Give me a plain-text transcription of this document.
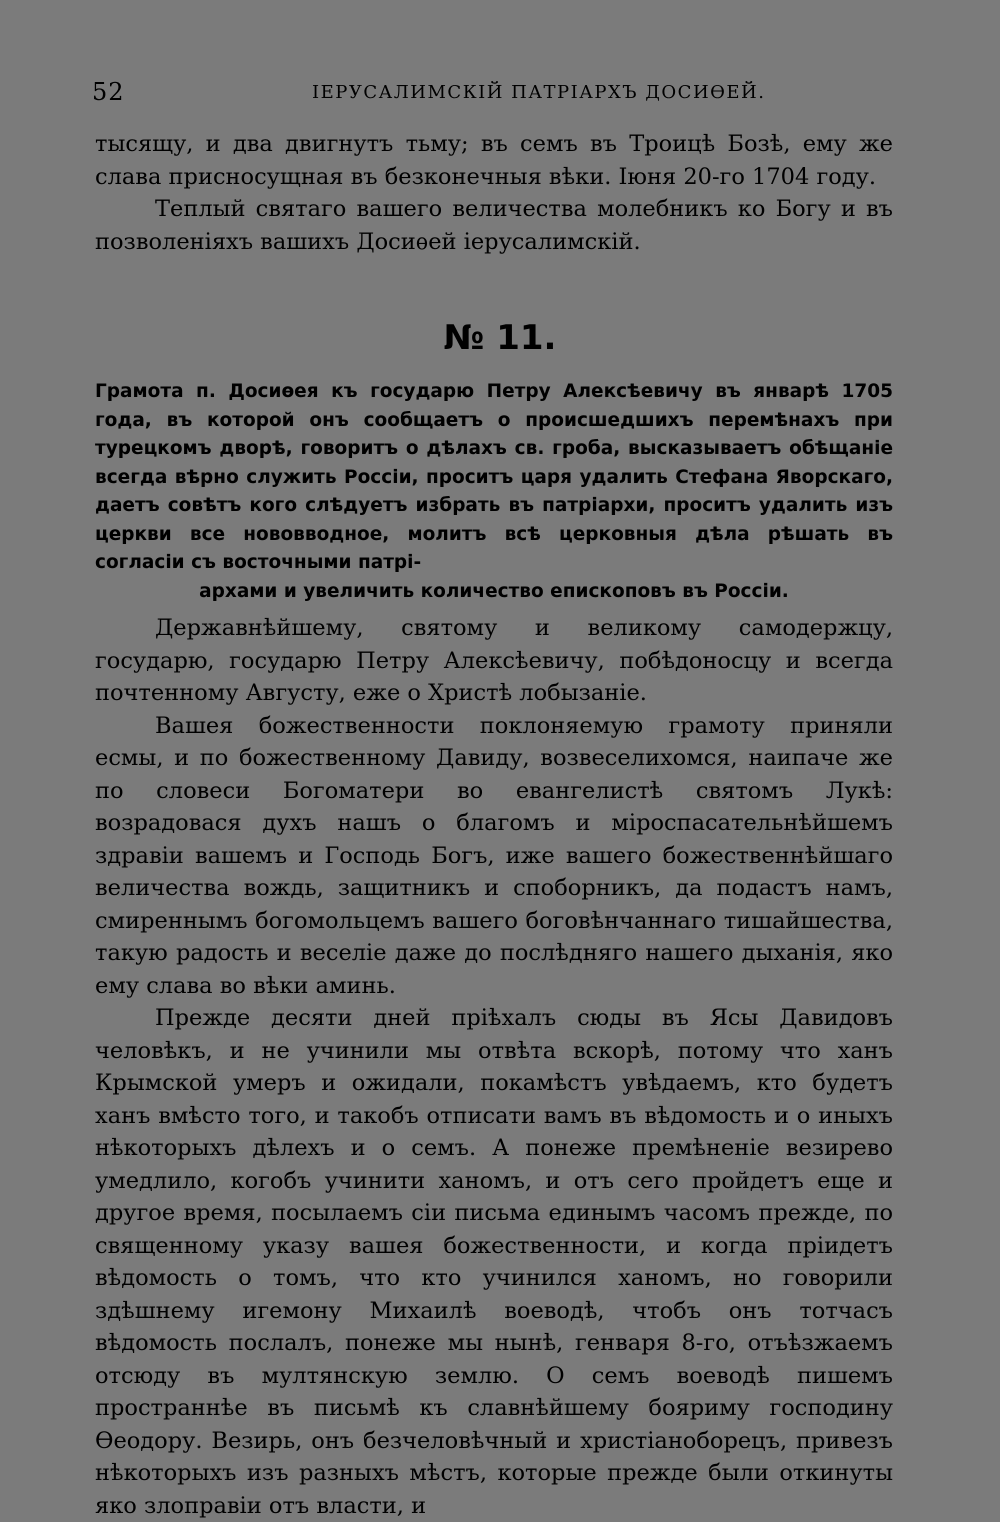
52	ІЕРУСАЛИМСКІЙ ПАТРІАРХЪ ДОСИѲЕЙ.

тысящу, и два двигнутъ тьму; въ семъ въ Троицѣ Бозѣ, ему же слава присносущная въ безконечныя вѣки. Іюня 20-го 1704 году.

Теплый святаго вашего величества молебникъ ко Богу и въ позволеніяхъ вашихъ Досиѳей іерусалимскій.

№ 11.
Грамота п. Досиѳея къ государю Петру Алексѣевичу въ январѣ 1705 года, въ которой онъ сообщаетъ о происшедшихъ перемѣнахъ при турецкомъ дворѣ, говоритъ о дѣлахъ св. гроба, высказываетъ обѣщаніе всегда вѣрно служить Россіи, проситъ царя удалить Стефана Яворскаго, даетъ совѣтъ кого слѣдуетъ избрать въ патріархи, проситъ удалить изъ церкви все нововводное, молитъ всѣ церковныя дѣла рѣшать въ согласіи съ восточными патрі-
архами и увеличить количество епископовъ въ Россіи.

Державнѣйшему, святому и великому самодержцу, государю, государю Петру Алексѣевичу, побѣдоносцу и всегда почтенному Августу, еже о Христѣ лобызаніе.

Вашея божественности поклоняемую грамоту приняли есмы, и по божественному Давиду, возвеселихомся, наипаче же по словеси Богоматери во евангелистѣ святомъ Лукѣ: возрадовася духъ нашъ о благомъ и міроспасательнѣйшемъ здравіи вашемъ и Господь Богъ, иже вашего божественнѣйшаго величества вождь, защитникъ и споборникъ, да подастъ намъ, смиреннымъ богомольцемъ вашего боговѣнчаннаго тишайшества, такую радость и веселіе даже до послѣдняго нашего дыханія, яко ему слава во вѣки аминь.

Прежде десяти дней пріѣхалъ сюды въ Ясы Давидовъ человѣкъ, и не учинили мы отвѣта вскорѣ, потому что ханъ Крымской умеръ и ожидали, покамѣстъ увѣдаемъ, кто будетъ ханъ вмѣсто того, и такобъ отписати вамъ въ вѣдомость и о иныхъ нѣкоторыхъ дѣлехъ и о семъ. А понеже премѣненіе везирево умедлило, когобъ учинити ханомъ, и отъ сего пройдетъ еще и другое время, посылаемъ сіи письма единымъ часомъ прежде, по священному указу вашея божественности, и когда пріидетъ вѣдомость о томъ, что кто учинился ханомъ, но говорили здѣшнему игемону Михаилѣ воеводѣ, чтобъ онъ тотчасъ вѣдомость послалъ, понеже мы нынѣ, генваря 8-го, отъѣзжаемъ отсюду въ мултянскую землю. О семъ воеводѣ пишемъ пространнѣе въ письмѣ къ славнѣйшему бояриму господину Ѳеодору. Везирь, онъ безчеловѣчный и христіаноборецъ, привезъ нѣкоторыхъ изъ разныхъ мѣстъ, которые прежде были откинуты яко злоправіи отъ власти, и
